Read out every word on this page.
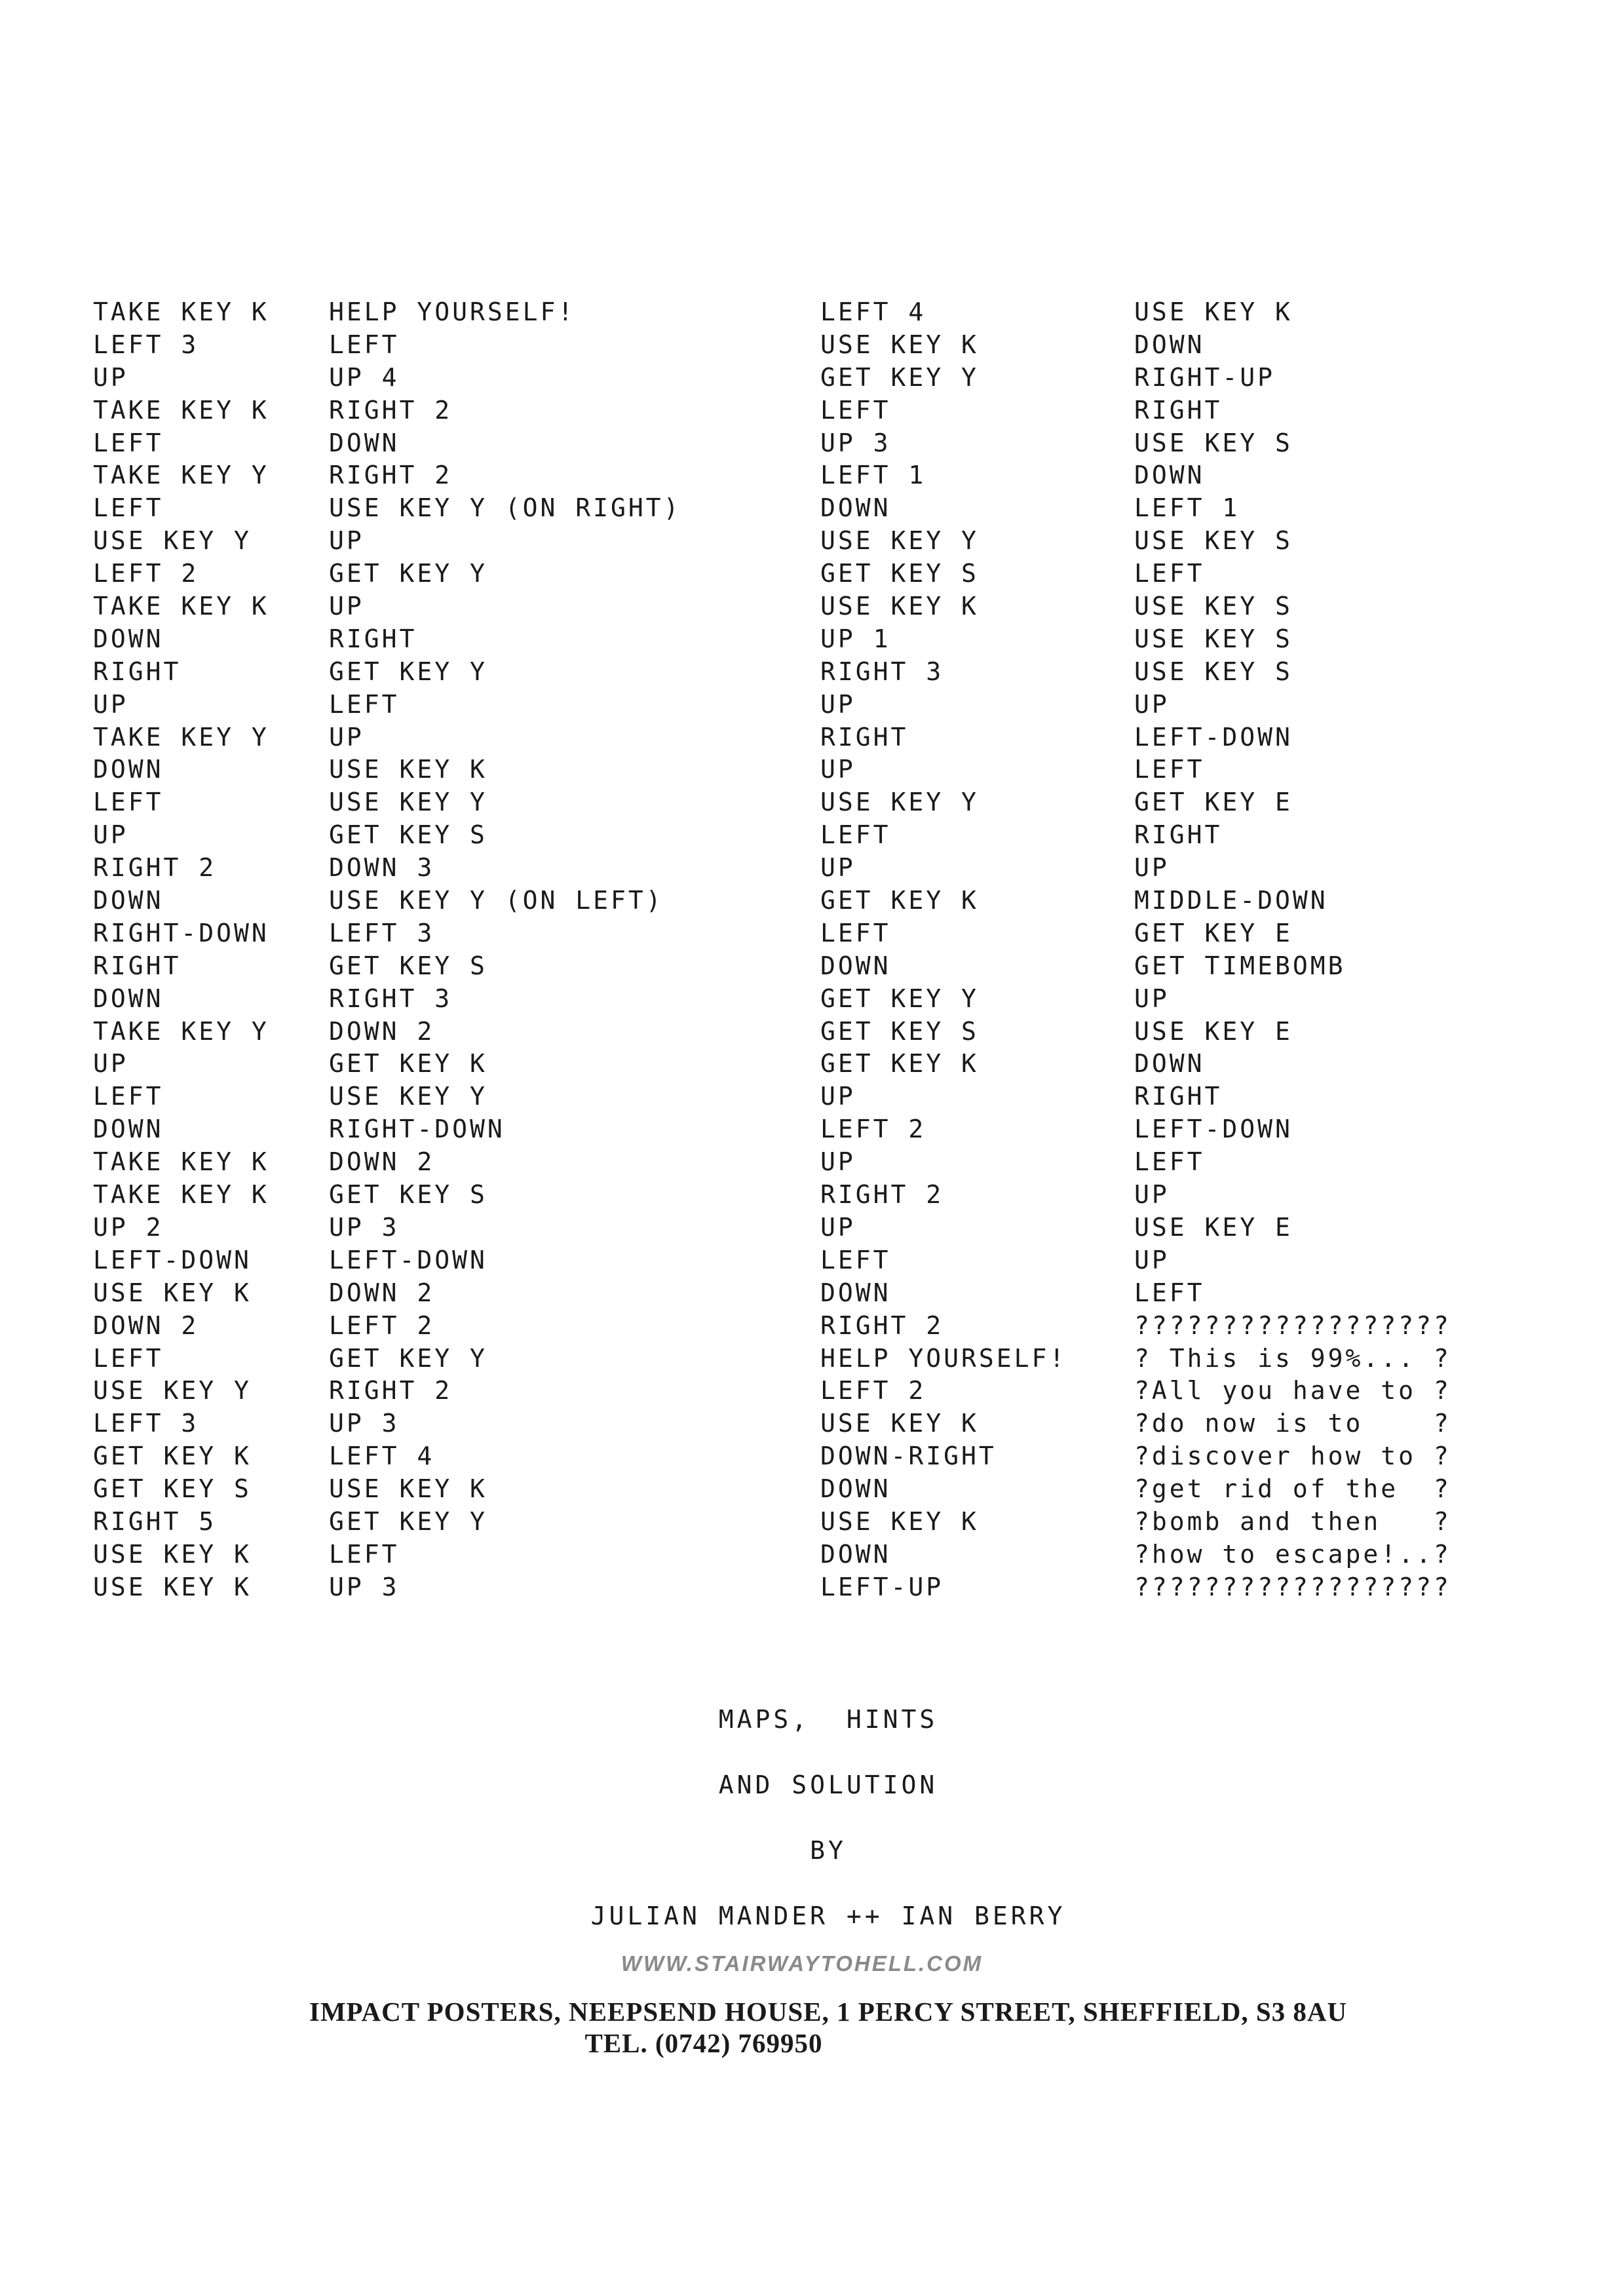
TAKE KEY K
LEFT 3
UP
TAKE KEY K
LEFT
TAKE KEY Y
LEFT
USE KEY Y
LEFT 2
TAKE KEY K
DOWN
RIGHT
UP
TAKE KEY Y
DOWN
LEFT
UP
RIGHT 2
DOWN
RIGHT-DOWN
RIGHT
DOWN
TAKE KEY Y
UP
LEFT
DOWN
TAKE KEY K
TAKE KEY K
UP 2
LEFT-DOWN
USE KEY K
DOWN 2
LEFT
USE KEY Y
LEFT 3
GET KEY K
GET KEY S
RIGHT 5
USE KEY K
USE KEY K
HELP YOURSELF!
LEFT
UP 4
RIGHT 2
DOWN
RIGHT 2
USE KEY Y (ON RIGHT)
UP
GET KEY Y
UP
RIGHT
GET KEY Y
LEFT
UP
USE KEY K
USE KEY Y
GET KEY S
DOWN 3
USE KEY Y (ON LEFT)
LEFT 3
GET KEY S
RIGHT 3
DOWN 2
GET KEY K
USE KEY Y
RIGHT-DOWN
DOWN 2
GET KEY S
UP 3
LEFT-DOWN
DOWN 2
LEFT 2
GET KEY Y
RIGHT 2
UP 3
LEFT 4
USE KEY K
GET KEY Y
LEFT
UP 3
LEFT 4
USE KEY K
GET KEY Y
LEFT
UP 3
LEFT 1
DOWN
USE KEY Y
GET KEY S
USE KEY K
UP 1
RIGHT 3
UP
RIGHT
UP
USE KEY Y
LEFT
UP
GET KEY K
LEFT
DOWN
GET KEY Y
GET KEY S
GET KEY K
UP
LEFT 2
UP
RIGHT 2
UP
LEFT
DOWN
RIGHT 2
HELP YOURSELF!
LEFT 2
USE KEY K
DOWN-RIGHT
DOWN
USE KEY K
DOWN
LEFT-UP
USE KEY K
DOWN
RIGHT-UP
RIGHT
USE KEY S
DOWN
LEFT 1
USE KEY S
LEFT
USE KEY S
USE KEY S
USE KEY S
UP
LEFT-DOWN
LEFT
GET KEY E
RIGHT
UP
MIDDLE-DOWN
GET KEY E
GET TIMEBOMB
UP
USE KEY E
DOWN
RIGHT
LEFT-DOWN
LEFT
UP
USE KEY E
UP
LEFT
??????????????????
? This is 99%... ?
?All you have to ?
?do now is to    ?
?discover how to ?
?get rid of the  ?
?bomb and then   ?
?how to escape!..?
??????????????????
MAPS,  HINTS
AND SOLUTION
BY
JULIAN MANDER ++ IAN BERRY
WWW.STAIRWAYTOHELL.COM
IMPACT POSTERS, NEEPSEND HOUSE, 1 PERCY STREET, SHEFFIELD, S3 8AU
TEL. (0742) 769950
